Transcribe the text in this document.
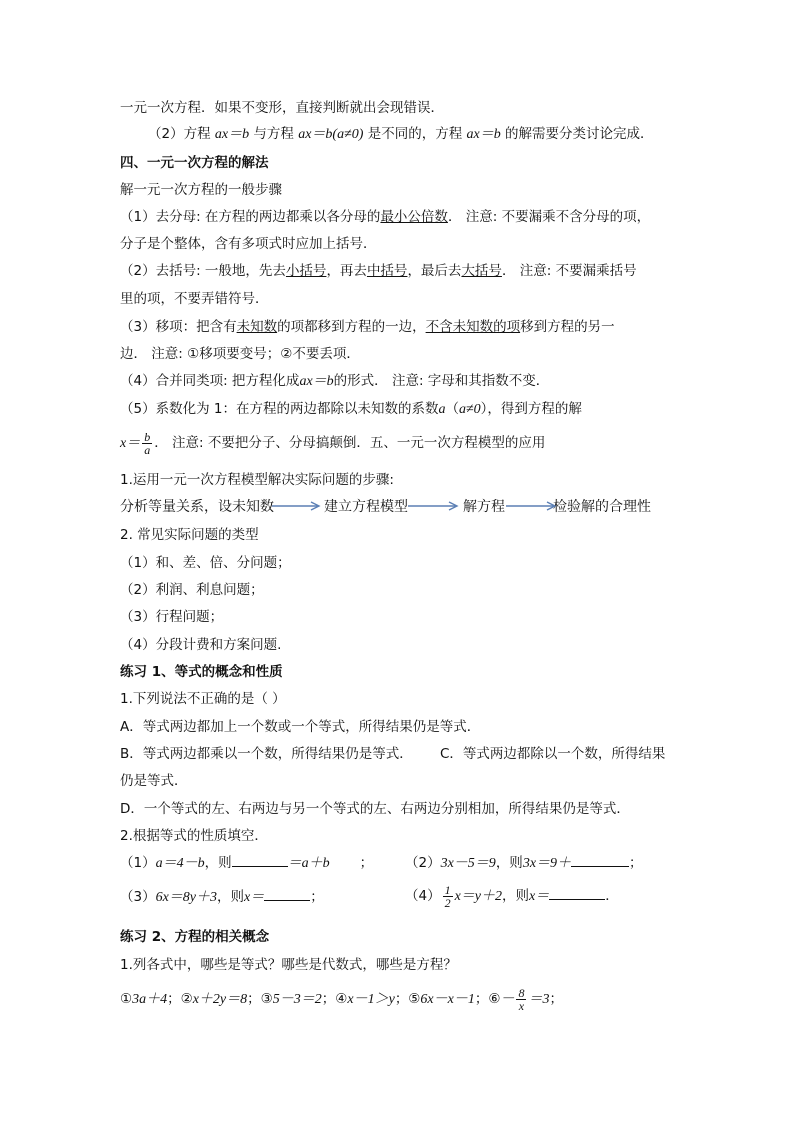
一元一次方程．如果不变形，直接判断就出会现错误．
（2）方程 ax＝b 与方程 ax＝b(a≠0) 是不同的，方程 ax＝b 的解需要分类讨论完成．
四、一元一次方程的解法
解一元一次方程的一般步骤
（1）去分母: 在方程的两边都乘以各分母的最小公倍数． 注意: 不要漏乘不含分母的项，
分子是个整体，含有多项式时应加上括号．
（2）去括号: 一般地，先去小括号，再去中括号，最后去大括号． 注意: 不要漏乘括号
里的项，不要弄错符号．
（3）移项：把含有未知数的项都移到方程的一边，不含未知数的项移到方程的另一
边． 注意: ①移项要变号；②不要丢项．
（4）合并同类项: 把方程化成ax＝b的形式． 注意: 字母和其指数不变．
（5）系数化为 1：在方程的两边都除以未知数的系数a（a≠0），得到方程的解
$x= \frac{b}{a}$ ． 注意: 不要把分子、分母搞颠倒．五、一元一次方程模型的应用
1.运用一元一次方程模型解决实际问题的步骤:
分析等量关系，设未知数	建立方程模型	解方程	检验解的合理性
2. 常见实际问题的类型
（1）和、差、倍、分问题；
（2）利润、利息问题；
（3）行程问题；
（4）分段计费和方案问题.
练习 1、等式的概念和性质
1.下列说法不正确的是（ ）
A．等式两边都加上一个数或一个等式，所得结果仍是等式．
B．等式两边都乘以一个数，所得结果仍是等式． C．等式两边都除以一个数，所得结果
仍是等式．
D．一个等式的左、右两边与另一个等式的左、右两边分别相加，所得结果仍是等式．
2.根据等式的性质填空．
（1）a＝4－b，则	＝a＋b ； （2）3x－5＝9，则3x＝9＋	；
（3）6x＝8y＋3，则x＝	；	$(4) \frac{1}{2} x=y+2$，则x＝	．
练习 2、方程的相关概念
1.列各式中，哪些是等式？哪些是代数式，哪些是方程？
①3a＋4；②x＋2y＝8；③5－3＝2；④x－1＞y；⑤6x－x－1；⑥－ $\frac{8}{x} =3$；
